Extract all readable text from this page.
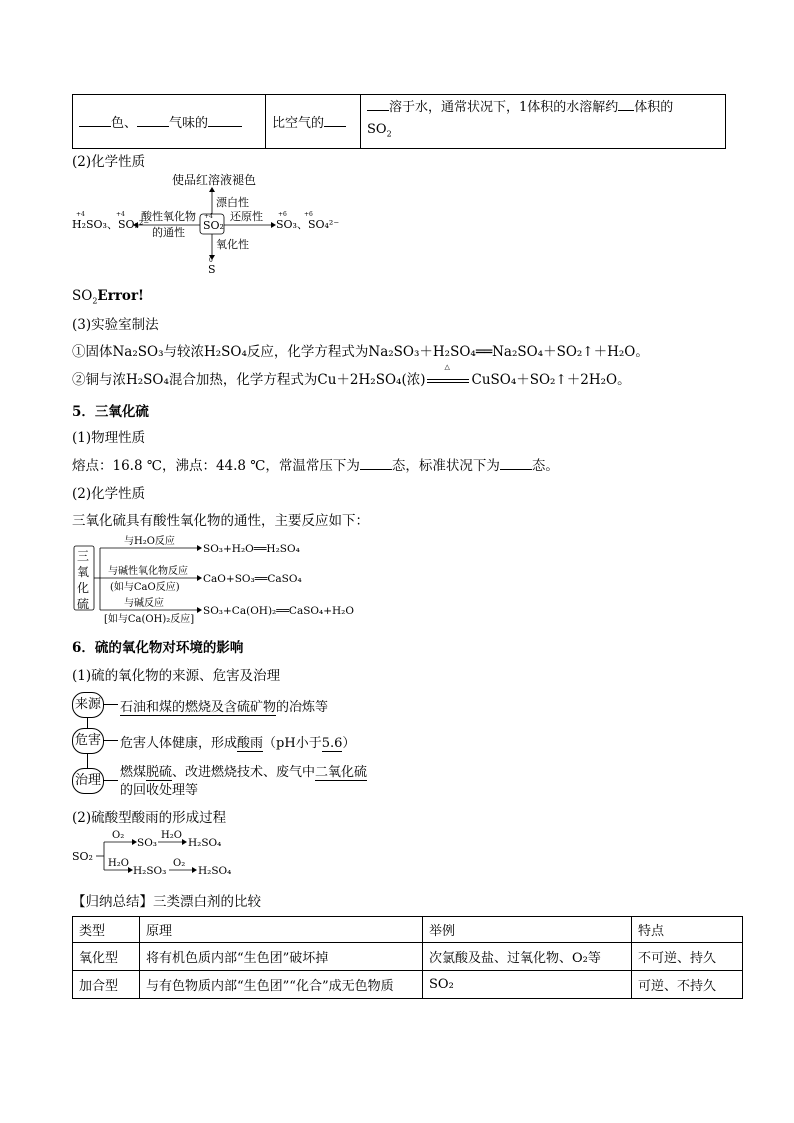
色、 气味的	比空气的	溶于水，通常状况下，1体积的水溶解约 体积的
$SO_2$
(2)化学性质
使品红溶液褪色
漂白性
酸性氧化物
的通性
H₂SO₃、SO₃²⁻
+4	+4
SO₂
+4 还原性
SO₃、SO₄²⁻
+6	+6
氧化性
0
S
$SO_2Error$!
(3)实验室制法
①固体Na₂SO₃与较浓H₂SO₄反应，化学方程式为Na₂SO₃＋H₂SO₄══Na₂SO₄＋SO₂↑＋H₂O。
②铜与浓H₂SO₄混合加热，化学方程式为Cu＋2H₂SO₄(浓)
△
CuSO₄＋SO₂↑＋2H₂O。
5．三氧化硫
(1)物理性质
熔点：16.8 ℃，沸点：44.8 ℃，常温常压下为 态，标准状况下为 态。
(2)化学性质
三氧化硫具有酸性氧化物的通性，主要反应如下：
三
氧
化
硫
与H₂O反应
SO₃+H₂O══H₂SO₄
与碱性氧化物反应
(如与CaO反应)
CaO+SO₃══CaSO₄
与碱反应
[如与Ca(OH)₂反应]
SO₃+Ca(OH)₂══CaSO₄+H₂O
6．硫的氧化物对环境的影响
(1)硫的氧化物的来源、危害及治理
来源 石油和煤的燃烧及含硫矿物的冶炼等
危害 危害人体健康，形成酸雨（pH小于5.6）
治理
燃煤脱硫、改进燃烧技术、废气中二氧化硫
的回收处理等
(2)硫酸型酸雨的形成过程
SO₂
O₂
SO₃
H₂O
H₂SO₄
H₂O
H₂SO₃
O₂
H₂SO₄
【归纳总结】三类漂白剂的比较
类型	原理	举例	特点
氧化型	将有机色质内部“生色团”破坏掉	次氯酸及盐、过氧化物、O₂等	不可逆、持久
加合型	与有色物质内部“生色团”“化合”成无色物质	SO₂	可逆、不持久
